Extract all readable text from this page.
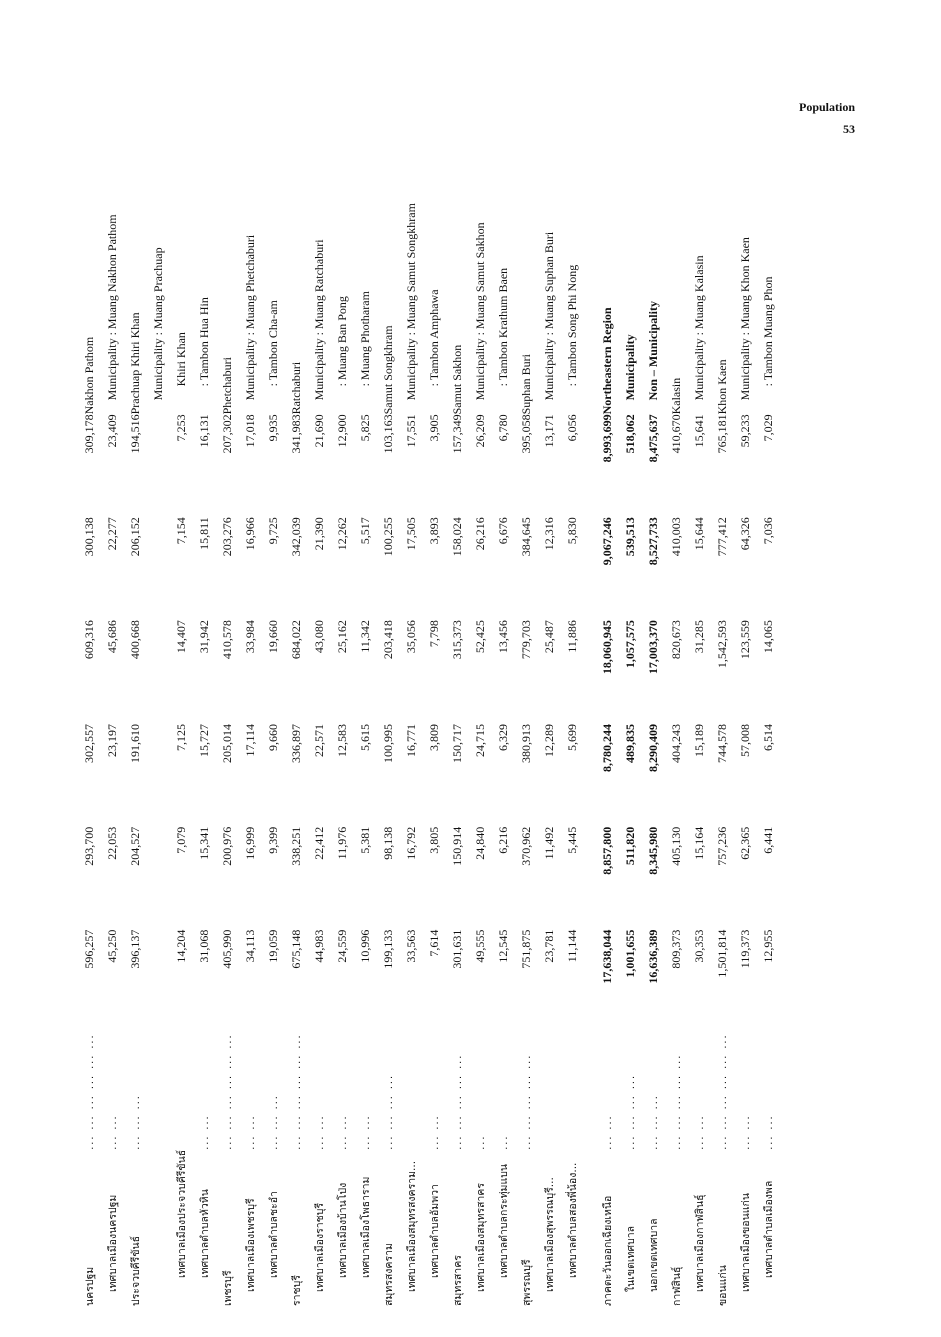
Population
53
นครปฐม	... ... ... ... ... ...	596,257	293,700	302,557	609,316	300,138	309,178	Nakhon Pathom
เทศบาลเมืองนครปฐม	... ...	45,250	22,053	23,197	45,686	22,277	23,409	Municipality : Muang Nakhon Pathom
ประจวบคีรีขันธ์	... ... ...	396,137	204,527	191,610	400,668	206,152	194,516	Prachuap Khiri Khan
								Municipality : Muang Prachuap
เทศบาลเมืองประจวบคีรีขันธ์		14,204	7,079	7,125	14,407	7,154	7,253	Khiri Khan
เทศบาลตำบลหัวหิน	... ...	31,068	15,341	15,727	31,942	15,811	16,131	: Tambon Hua Hin
เพชรบุรี	... ... ... ... ... ...	405,990	200,976	205,014	410,578	203,276	207,302	Phetchaburi
เทศบาลเมืองเพชรบุรี	... ...	34,113	16,999	17,114	33,984	16,966	17,018	Municipality : Muang Phetchaburi
เทศบาลตำบลชะอำ	... ... ...	19,059	9,399	9,660	19,660	9,725	9,935	: Tambon Cha-am
ราชบุรี	... ... ... ... ... ...	675,148	338,251	336,897	684,022	342,039	341,983	Ratchaburi
เทศบาลเมืองราชบุรี	... ...	44,983	22,412	22,571	43,080	21,390	21,690	Municipality : Muang Ratchaburi
เทศบาลเมืองบ้านโป่ง	... ...	24,559	11,976	12,583	25,162	12,262	12,900	: Muang Ban Pong
เทศบาลเมืองโพธาราม	... ...	10,996	5,381	5,615	11,342	5,517	5,825	: Muang Photharam
สมุทรสงคราม	... ... ... ...	199,133	98,138	100,995	203,418	100,255	103,163	Samut Songkhram
เทศบาลเมืองสมุทรสงคราม...		33,563	16,792	16,771	35,056	17,505	17,551	Municipality : Muang Samut Songkhram
เทศบาลตำบลอัมพวา	... ...	7,614	3,805	3,809	7,798	3,893	3,905	: Tambon Amphawa
สมุทรสาคร	... ... ... ... ...	301,631	150,914	150,717	315,373	158,024	157,349	Samut Sakhon
เทศบาลเมืองสมุทรสาคร	...	49,555	24,840	24,715	52,425	26,216	26,209	Municipality : Muang Samut Sakhon
เทศบาลตำบลกระทุ่มแบน	...	12,545	6,216	6,329	13,456	6,676	6,780	: Tambon Krathum Baen
สุพรรณบุรี	... ... ... ... ...	751,875	370,962	380,913	779,703	384,645	395,058	Suphan Buri
เทศบาลเมืองสุพรรณบุรี...		23,781	11,492	12,289	25,487	12,316	13,171	Municipality : Muang Suphan Buri
เทศบาลตำบลสองพี่น้อง...		11,144	5,445	5,699	11,886	5,830	6,056	: Tambon Song Phi Nong

ภาคตะวันออกเฉียงเหนือ	... ...	17,638,044	8,857,800	8,780,244	18,060,945	9,067,246	8,993,699	Northeastern Region
ในเขตเทศบาล	... ... ... ...	1,001,655	511,820	489,835	1,057,575	539,513	518,062	Municipality
นอกเขตเทศบาล	... ... ...	16,636,389	8,345,980	8,290,409	17,003,370	8,527,733	8,475,637	Non – Municipality
กาฬสินธุ์	... ... ... ... ...	809,373	405,130	404,243	820,673	410,003	410,670	Kalasin
เทศบาลเมืองกาฬสินธุ์	... ...	30,353	15,164	15,189	31,285	15,644	15,641	Municipality : Muang Kalasin
ขอนแก่น	... ... ... ... ... ...	1,501,814	757,236	744,578	1,542,593	777,412	765,181	Khon Kaen
เทศบาลเมืองขอนแก่น	... ...	119,373	62,365	57,008	123,559	64,326	59,233	Municipality : Muang Khon Kaen
เทศบาลตำบลเมืองพล	... ...	12,955	6,441	6,514	14,065	7,036	7,029	: Tambon Muang Phon
